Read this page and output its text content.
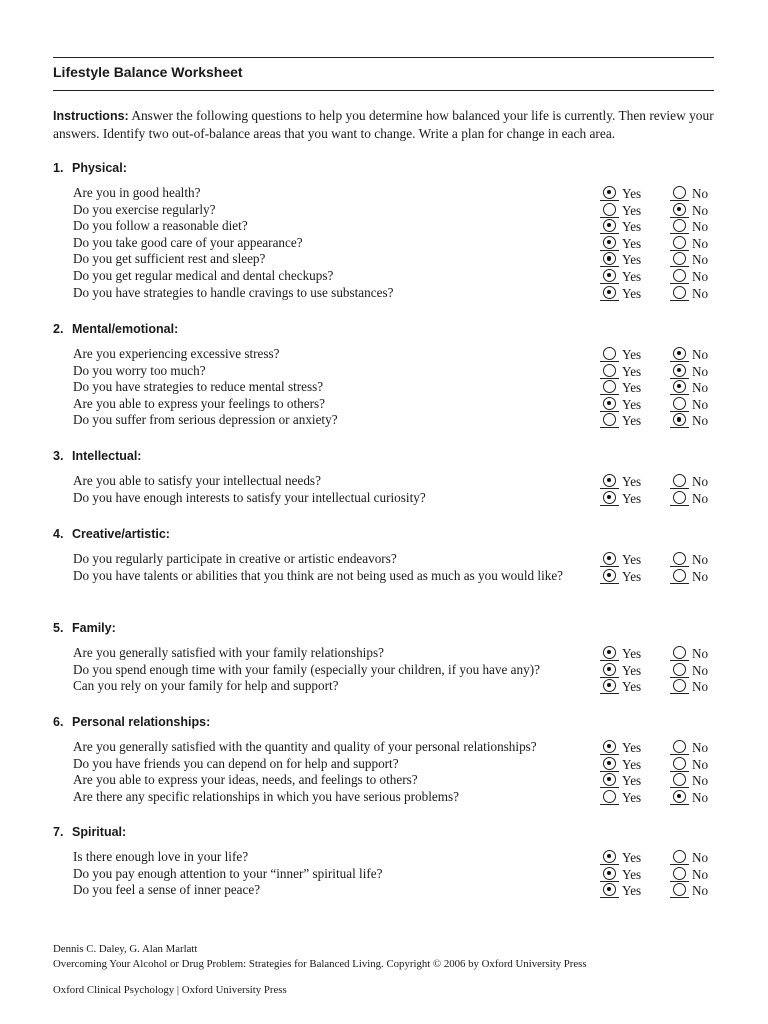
Lifestyle Balance Worksheet
Instructions: Answer the following questions to help you determine how balanced your life is currently. Then review your answers. Identify two out-of-balance areas that you want to change. Write a plan for change in each area.
1. Physical:
Are you in good health?	Yes	No
Do you exercise regularly?	Yes	No
Do you follow a reasonable diet?	Yes	No
Do you take good care of your appearance?	Yes	No
Do you get sufficient rest and sleep?	Yes	No
Do you get regular medical and dental checkups?	Yes	No
Do you have strategies to handle cravings to use substances?	Yes	No
2. Mental/emotional:
Are you experiencing excessive stress?	Yes	No
Do you worry too much?	Yes	No
Do you have strategies to reduce mental stress?	Yes	No
Are you able to express your feelings to others?	Yes	No
Do you suffer from serious depression or anxiety?	Yes	No
3. Intellectual:
Are you able to satisfy your intellectual needs?	Yes	No
Do you have enough interests to satisfy your intellectual curiosity?	Yes	No
4. Creative/artistic:
Do you regularly participate in creative or artistic endeavors?	Yes	No
Do you have talents or abilities that you think are not being used as much as you would like?	Yes	No
5. Family:
Are you generally satisfied with your family relationships?	Yes	No
Do you spend enough time with your family (especially your children, if you have any)?	Yes	No
Can you rely on your family for help and support?	Yes	No
6. Personal relationships:
Are you generally satisfied with the quantity and quality of your personal relationships?	Yes	No
Do you have friends you can depend on for help and support?	Yes	No
Are you able to express your ideas, needs, and feelings to others?	Yes	No
Are there any specific relationships in which you have serious problems?	Yes	No
7. Spiritual:
Is there enough love in your life?	Yes	No
Do you pay enough attention to your “inner” spiritual life?	Yes	No
Do you feel a sense of inner peace?	Yes	No
Dennis C. Daley, G. Alan Marlatt
Overcoming Your Alcohol or Drug Problem: Strategies for Balanced Living. Copyright © 2006 by Oxford University Press
Oxford Clinical Psychology | Oxford University Press
